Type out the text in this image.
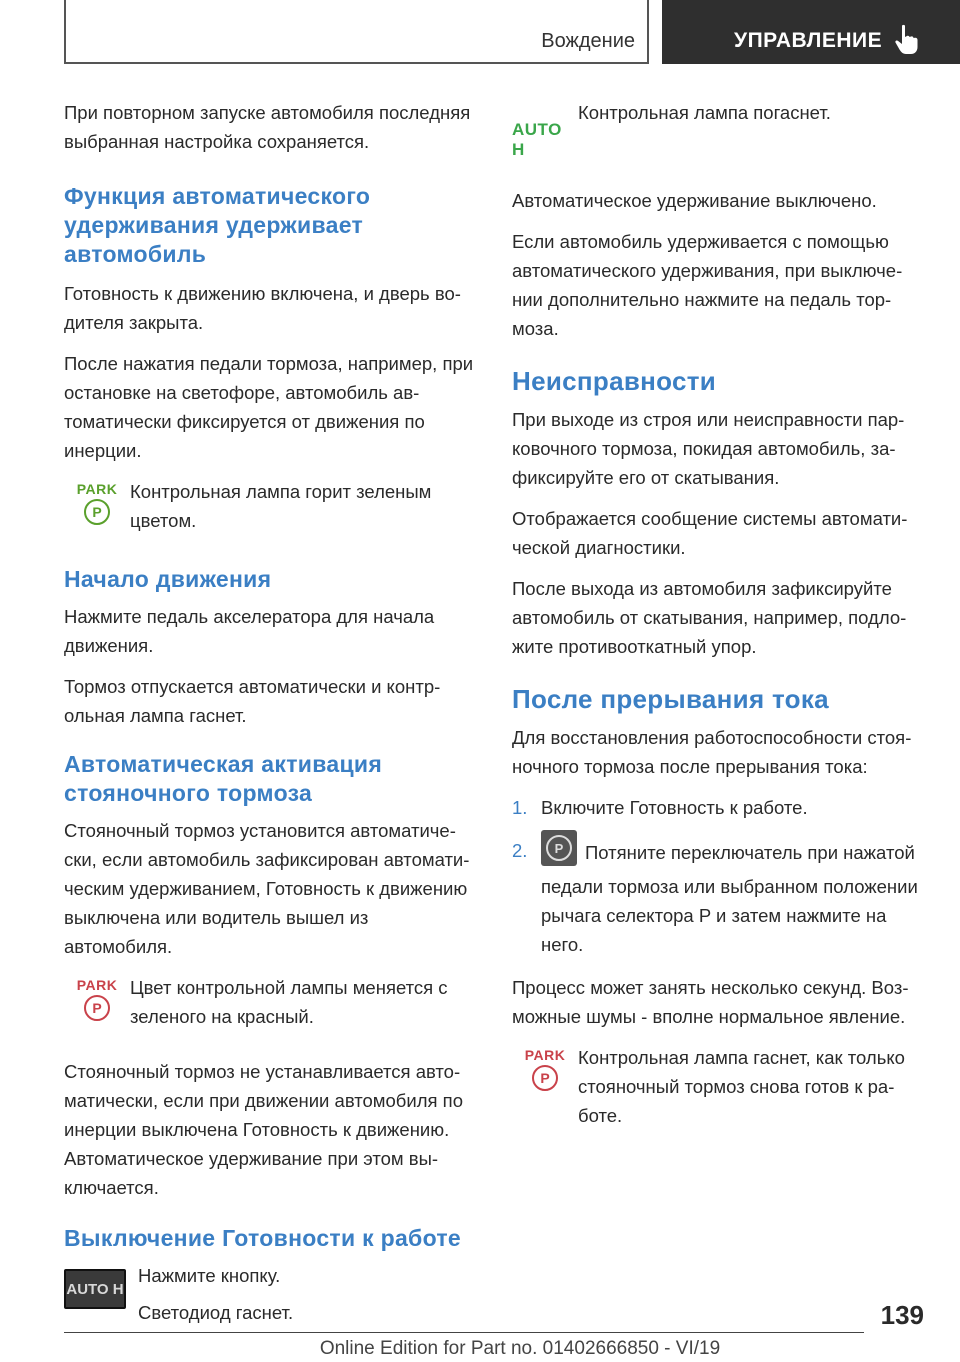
Вождение	УПРАВЛЕНИЕ

При повторном запуске автомобиля последняя выбранная настройка сохраняется.

Функция автоматического удерживания удерживает автомобиль

Готовность к движению включена, и дверь водителя закрыта.

После нажатия педали тормоза, например, при остановке на светофоре, автомобиль автоматически фиксируется от движения по инерции.

PARK
P

Контрольная лампа горит зеленым цветом.

Начало движения

Нажмите педаль акселератора для начала движения.

Тормоз отпускается автоматически и контрольная лампа гаснет.

Автоматическая активация стояночного тормоза

Стояночный тормоз установится автоматически, если автомобиль зафиксирован автоматическим удерживанием, Готовность к движению выключена или водитель вышел из автомобиля.

PARK
P

Цвет контрольной лампы меняется с зеленого на красный.

Стояночный тормоз не устанавливается автоматически, если при движении автомобиля по инерции выключена Готовность к движению. Автоматическое удерживание при этом выключается.

Выключение Готовности к работе
AUTO H

Нажмите кнопку.

Светодиод гаснет.

AUTO H

Контрольная лампа погаснет.

Автоматическое удерживание выключено.

Если автомобиль удерживается с помощью автоматического удерживания, при выключении дополнительно нажмите на педаль тормоза.

Неисправности

При выходе из строя или неисправности парковочного тормоза, покидая автомобиль, зафиксируйте его от скатывания.

Отображается сообщение системы автоматической диагностики.

После выхода из автомобиля зафиксируйте автомобиль от скатывания, например, подложите противооткатный упор.

После прерывания тока

Для восстановления работоспособности стояночного тормоза после прерывания тока:

1. Включите Готовность к работе.
2.	P	Потяните переключатель при нажатой педали тормоза или выбранном положении рычага селектора P и затем нажмите на него.

Процесс может занять несколько секунд. Возможные шумы - вполне нормальное явление.

PARK
P

Контрольная лампа гаснет, как только стояночный тормоз снова готов к работе.

139
Online Edition for Part no. 01402666850 - VI/19
